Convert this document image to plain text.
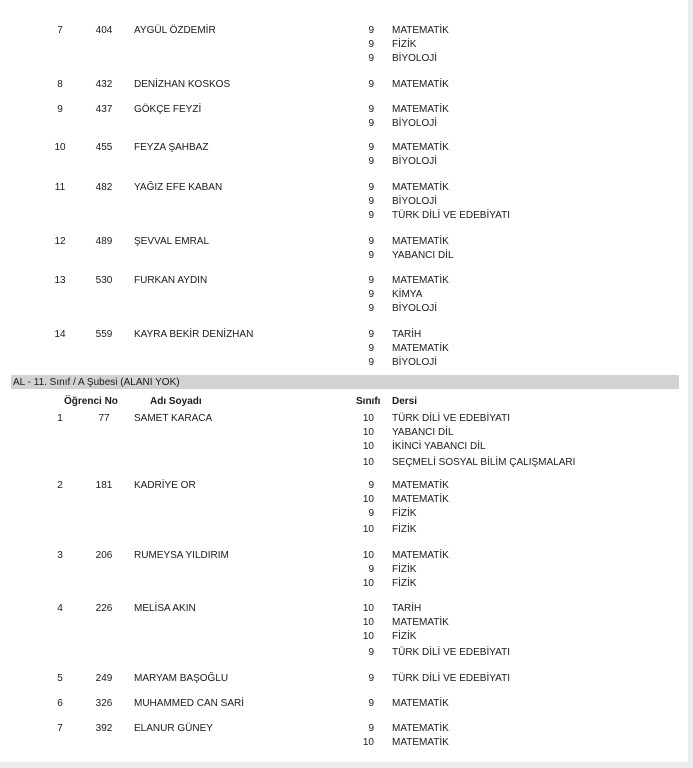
7	404	AYGÜL ÖZDEMİR	9 MATEMATİK
9 FİZİK
9 BİYOLOJİ
8	432	DENİZHAN KOSKOS	9 MATEMATİK
9	437	GÖKÇE FEYZİ	9 MATEMATİK
9 BİYOLOJİ
10	455	FEYZA ŞAHBAZ	9 MATEMATİK
9 BİYOLOJİ
11	482	YAĞIZ EFE KABAN	9 MATEMATİK
9 BİYOLOJİ
9 TÜRK DİLİ VE EDEBİYATI
12	489	ŞEVVAL EMRAL	9 MATEMATİK
9 YABANCI DİL
13	530	FURKAN AYDIN	9 MATEMATİK
9 KİMYA
9 BİYOLOJİ
14	559	KAYRA BEKİR DENİZHAN	9 TARİH
9 MATEMATİK
9 BİYOLOJİ
AL - 11. Sınıf / A Şubesi (ALANI YOK)
Öğrenci No	Adı Soyadı	Sınıfı Dersi
1	77	SAMET KARACA	10 TÜRK DİLİ VE EDEBİYATI
10 YABANCI DİL
10 İKİNCİ YABANCI DİL
10 SEÇMELİ SOSYAL BİLİM ÇALIŞMALARI
2	181	KADRİYE OR	9 MATEMATİK
10 MATEMATİK
9 FİZİK
10 FİZİK
3	206	RUMEYSA YILDIRIM	10 MATEMATİK
9 FİZİK
10 FİZİK
4	226	MELİSA AKIN	10 TARİH
10 MATEMATİK
10 FİZİK
9 TÜRK DİLİ VE EDEBİYATI
5	249	MARYAM BAŞOĞLU	9 TÜRK DİLİ VE EDEBİYATI
6	326	MUHAMMED CAN SARİ	9 MATEMATİK
7	392	ELANUR GÜNEY	9 MATEMATİK
10 MATEMATİK
